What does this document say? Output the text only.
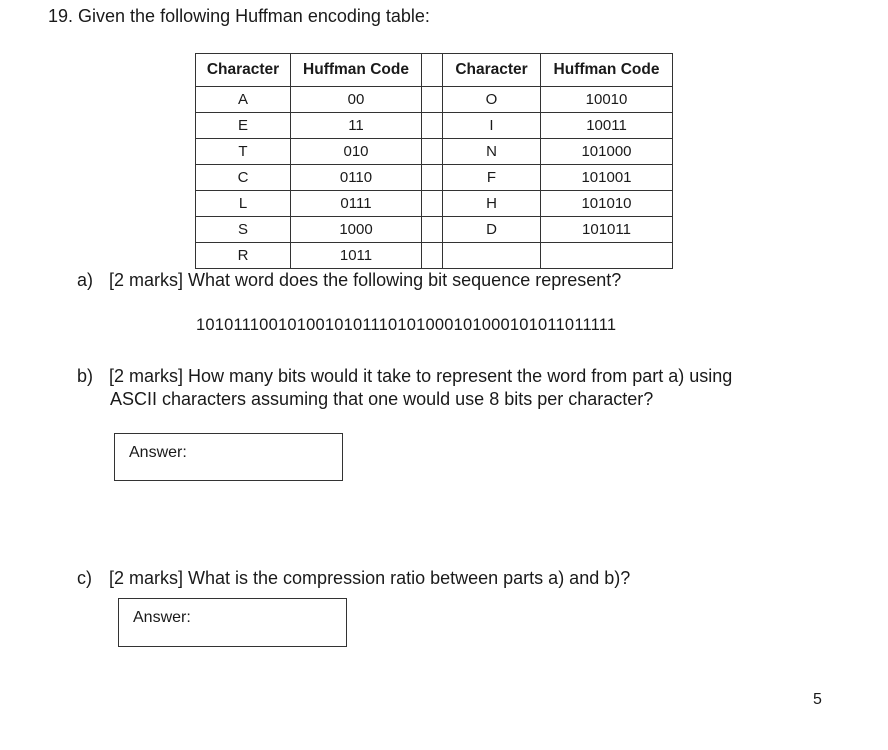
19. Given the following Huffman encoding table:
Character	Huffman Code		Character	Huffman Code
A	00		O	10010
E	11		I	10011
T	010		N	101000
C	0110		F	101001
L	0111		H	101010
S	1000		D	101011
R	1011			
a) [2 marks] What word does the following bit sequence represent?
1010111001010010101110101000101000101011011111
b) [2 marks] How many bits would it take to represent the word from part a) using
ASCII characters assuming that one would use 8 bits per character?
Answer:
c) [2 marks] What is the compression ratio between parts a) and b)?
Answer:
5
